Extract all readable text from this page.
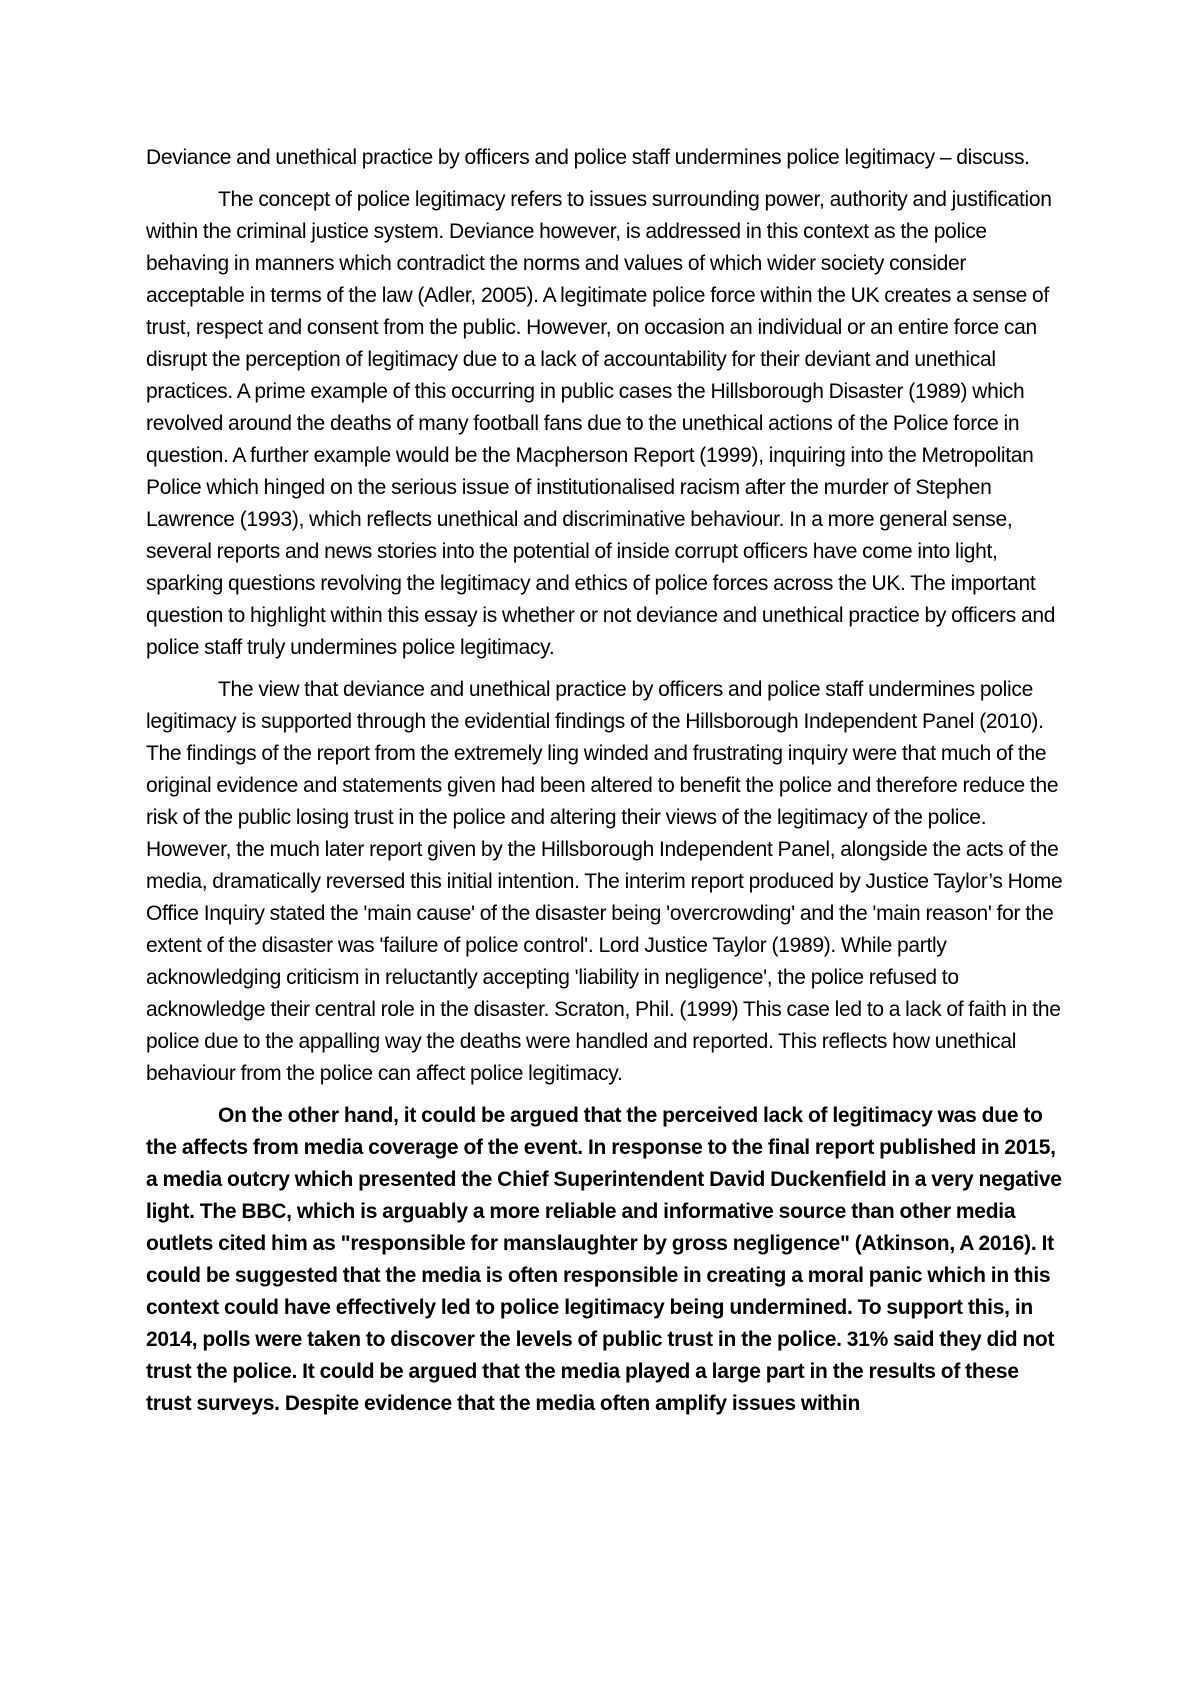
Deviance and unethical practice by officers and police staff undermines police legitimacy – discuss.

The concept of police legitimacy refers to issues surrounding power, authority and justification within the criminal justice system. Deviance however, is addressed in this context as the police behaving in manners which contradict the norms and values of which wider society consider acceptable in terms of the law (Adler, 2005). A legitimate police force within the UK creates a sense of trust, respect and consent from the public. However, on occasion an individual or an entire force can disrupt the perception of legitimacy due to a lack of accountability for their deviant and unethical practices. A prime example of this occurring in public cases the Hillsborough Disaster (1989) which revolved around the deaths of many football fans due to the unethical actions of the Police force in question. A further example would be the Macpherson Report (1999), inquiring into the Metropolitan Police which hinged on the serious issue of institutionalised racism after the murder of Stephen Lawrence (1993), which reflects unethical and discriminative behaviour. In a more general sense, several reports and news stories into the potential of inside corrupt officers have come into light, sparking questions revolving the legitimacy and ethics of police forces across the UK. The important question to highlight within this essay is whether or not deviance and unethical practice by officers and police staff truly undermines police legitimacy.

The view that deviance and unethical practice by officers and police staff undermines police legitimacy is supported through the evidential findings of the Hillsborough Independent Panel (2010). The findings of the report from the extremely ling winded and frustrating inquiry were that much of the original evidence and statements given had been altered to benefit the police and therefore reduce the risk of the public losing trust in the police and altering their views of the legitimacy of the police. However, the much later report given by the Hillsborough Independent Panel, alongside the acts of the media, dramatically reversed this initial intention. The interim report produced by Justice Taylor’s Home Office Inquiry stated the 'main cause' of the disaster being 'overcrowding' and the 'main reason' for the extent of the disaster was 'failure of police control'. Lord Justice Taylor (1989). While partly acknowledging criticism in reluctantly accepting 'liability in negligence', the police refused to acknowledge their central role in the disaster. Scraton, Phil. (1999) This case led to a lack of faith in the police due to the appalling way the deaths were handled and reported. This reflects how unethical behaviour from the police can affect police legitimacy.

On the other hand, it could be argued that the perceived lack of legitimacy was due to the affects from media coverage of the event. In response to the final report published in 2015, a media outcry which presented the Chief Superintendent David Duckenfield in a very negative light. The BBC, which is arguably a more reliable and informative source than other media outlets cited him as "responsible for manslaughter by gross negligence" (Atkinson, A 2016). It could be suggested that the media is often responsible in creating a moral panic which in this context could have effectively led to police legitimacy being undermined. To support this, in 2014, polls were taken to discover the levels of public trust in the police. 31% said they did not trust the police. It could be argued that the media played a large part in the results of these trust surveys. Despite evidence that the media often amplify issues within
